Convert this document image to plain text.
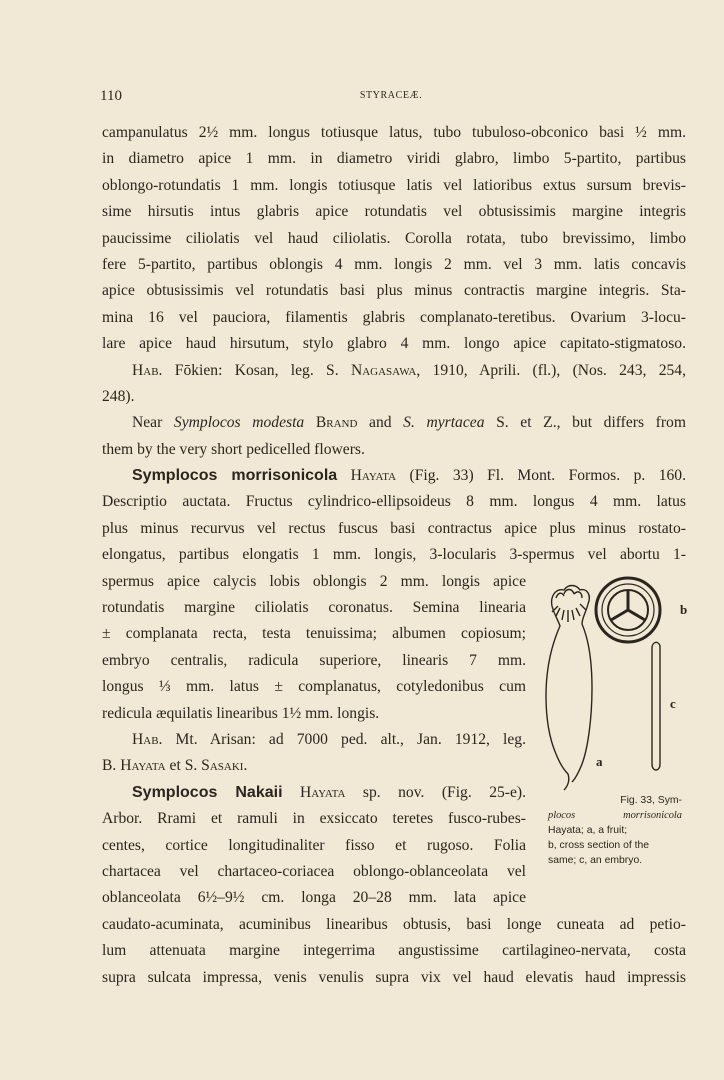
110	STYRACEÆ.
campanulatus 2½ mm. longus totiusque latus, tubo tubuloso-obconico basi ½ mm.
in diametro apice 1 mm. in diametro viridi glabro, limbo 5-partito, partibus
oblongo-rotundatis 1 mm. longis totiusque latis vel latioribus extus sursum brevis-
sime hirsutis intus glabris apice rotundatis vel obtusissimis margine integris
paucissime ciliolatis vel haud ciliolatis. Corolla rotata, tubo brevissimo, limbo
fere 5-partito, partibus oblongis 4 mm. longis 2 mm. vel 3 mm. latis concavis
apice obtusissimis vel rotundatis basi plus minus contractis margine integris. Sta-
mina 16 vel pauciora, filamentis glabris complanato-teretibus. Ovarium 3-locu-
lare apice haud hirsutum, stylo glabro 4 mm. longo apice capitato-stigmatoso.
Hab. Fōkien: Kosan, leg. S. Nagasawa, 1910, Aprili. (fl.), (Nos. 243, 254,
248).
Near Symplocos modesta Brand and S. myrtacea S. et Z., but differs from
them by the very short pedicelled flowers.
Symplocos morrisonicola Hayata (Fig. 33) Fl. Mont. Formos. p. 160.
Descriptio auctata. Fructus cylindrico-ellipsoideus 8 mm. longus 4 mm. latus
plus minus recurvus vel rectus fuscus basi contractus apice plus minus rostato-
elongatus, partibus elongatis 1 mm. longis, 3-locularis 3-spermus vel abortu 1-
spermus apice calycis lobis oblongis 2 mm. longis apice
rotundatis margine ciliolatis coronatus. Semina linearia
± complanata recta, testa tenuissima; albumen copiosum;
embryo centralis, radicula superiore, linearis 7 mm.
longus ⅓ mm. latus ± complanatus, cotyledonibus cum
redicula æquilatis linearibus 1½ mm. longis.
Hab. Mt. Arisan: ad 7000 ped. alt., Jan. 1912, leg.
B. Hayata et S. Sasaki.
Symplocos Nakaii Hayata sp. nov. (Fig. 25-e).
Arbor. Rrami et ramuli in exsiccato teretes fusco-rubes-
centes, cortice longitudinaliter fisso et rugoso. Folia
chartacea vel chartaceo-coriacea oblongo-oblanceolata vel
oblanceolata 6½–9½ cm. longa 20–28 mm. lata apice
caudato-acuminata, acuminibus linearibus obtusis, basi longe cuneata ad petio-
lum attenuata margine integerrima angustissime cartilagineo-nervata, costa
supra sulcata impressa, venis venulis supra vix vel haud elevatis haud impressis
b
c
a
Fig. 33, Sym-
plocos morrisonicola
Hayata; a, a fruit;
b, cross section of the
same; c, an embryo.
